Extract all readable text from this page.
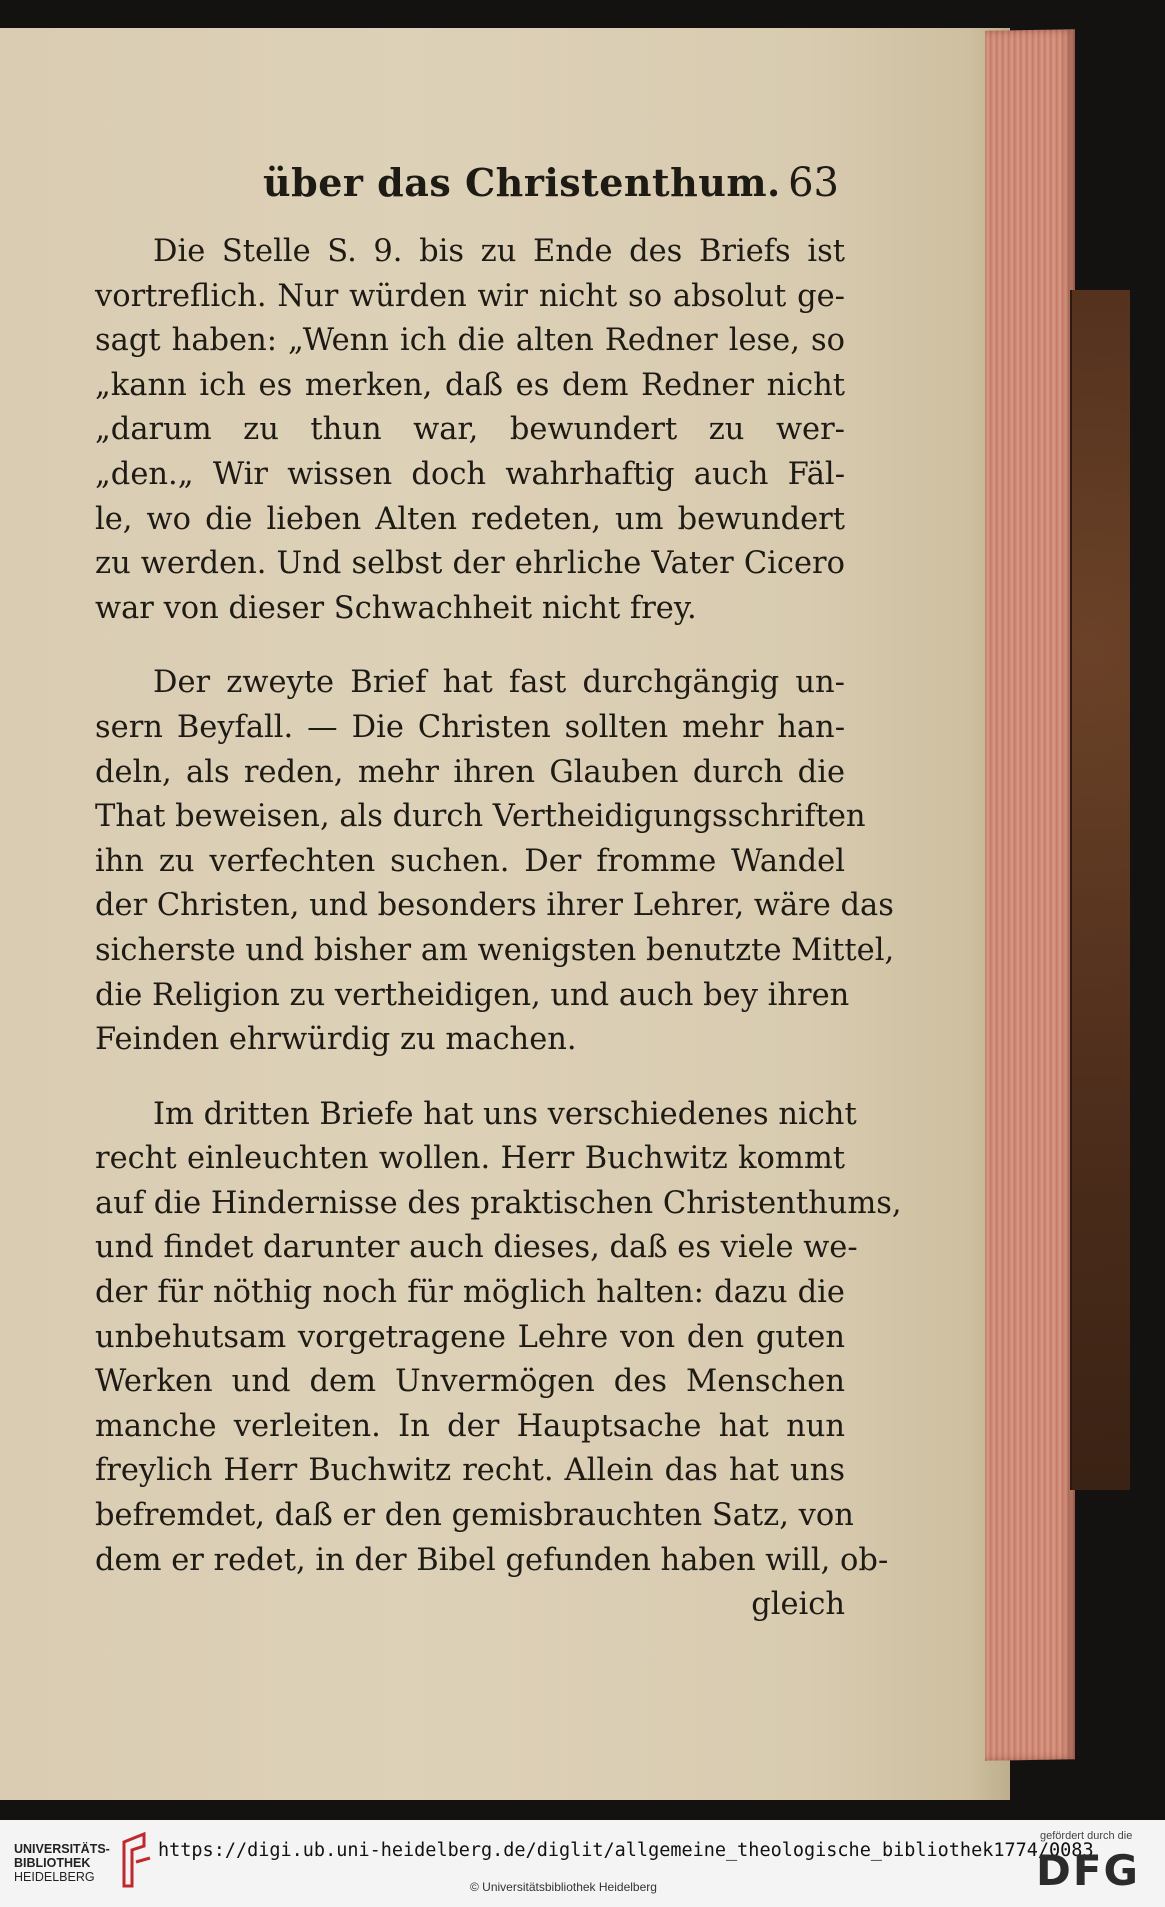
über das Christenthum. 63

Die Stelle S. 9. bis zu Ende des Briefs ist
vortreflich. Nur würden wir nicht so absolut ge-
sagt haben: „Wenn ich die alten Redner lese, so
„kann ich es merken, daß es dem Redner nicht
„darum zu thun war, bewundert zu wer-
„den.„ Wir wissen doch wahrhaftig auch Fäl-
le, wo die lieben Alten redeten, um bewundert
zu werden. Und selbst der ehrliche Vater Cicero
war von dieser Schwachheit nicht frey.

Der zweyte Brief hat fast durchgängig un-
sern Beyfall. — Die Christen sollten mehr han-
deln, als reden, mehr ihren Glauben durch die
That beweisen, als durch Vertheidigungsschriften
ihn zu verfechten suchen. Der fromme Wandel
der Christen, und besonders ihrer Lehrer, wäre das
sicherste und bisher am wenigsten benutzte Mittel,
die Religion zu vertheidigen, und auch bey ihren
Feinden ehrwürdig zu machen.

Im dritten Briefe hat uns verschiedenes nicht
recht einleuchten wollen. Herr Buchwitz kommt
auf die Hindernisse des praktischen Christenthums,
und findet darunter auch dieses, daß es viele we-
der für nöthig noch für möglich halten: dazu die
unbehutsam vorgetragene Lehre von den guten
Werken und dem Unvermögen des Menschen
manche verleiten. In der Hauptsache hat nun
freylich Herr Buchwitz recht. Allein das hat uns
befremdet, daß er den gemisbrauchten Satz, von
dem er redet, in der Bibel gefunden haben will, ob-

gleich
UNIVERSITÄTS-
BIBLIOTHEK
HEIDELBERG
https://digi.ub.uni-heidelberg.de/diglit/allgemeine_theologische_bibliothek1774/0083
© Universitätsbibliothek Heidelberg
gefördert durch die
DFG
